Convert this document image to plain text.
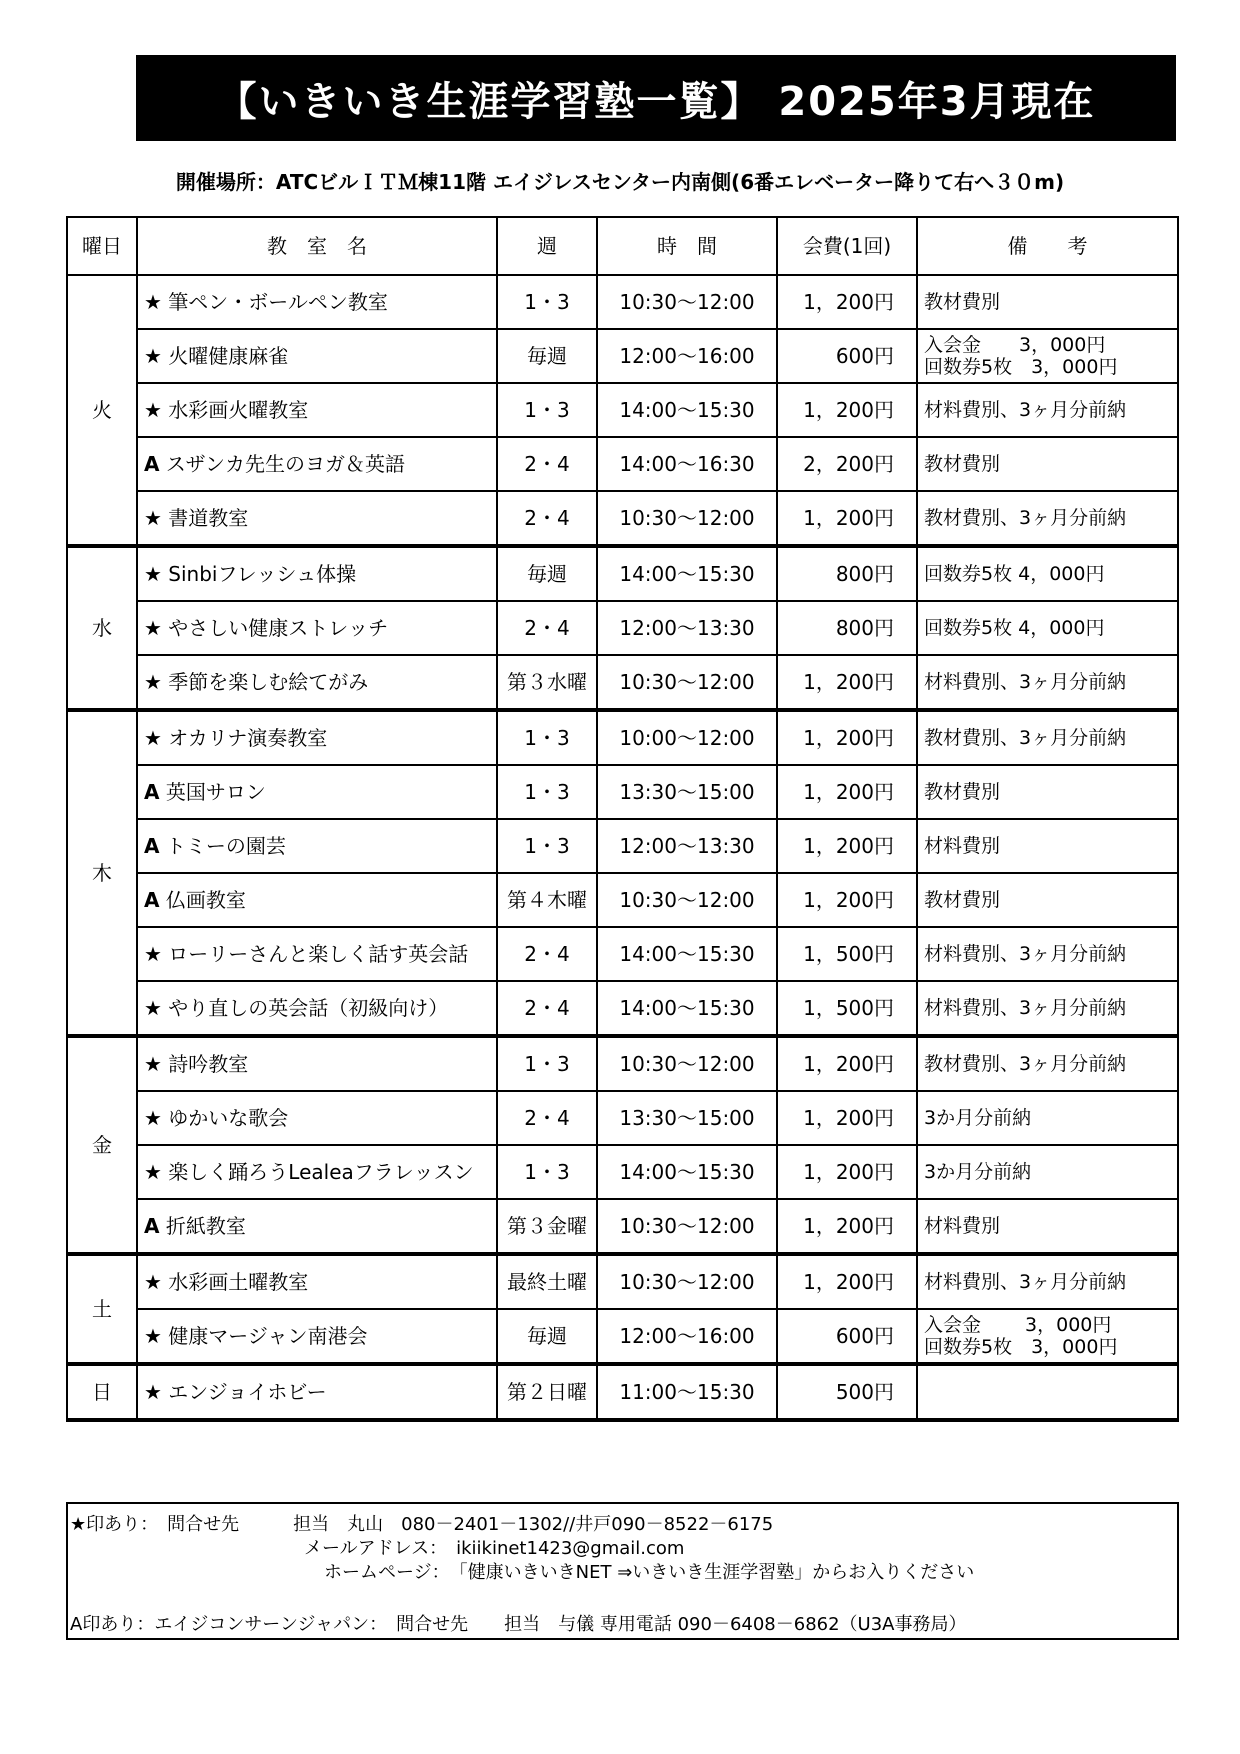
【いきいき生涯学習塾一覧】 2025年3月現在
開催場所：ATCビルＩＴＭ棟11階 エイジレスセンター内南側(6番エレベーター降りて右へ３０m)
曜日	教　室　名	週	時　間	会費(1回)	備　　考
火	★ 筆ペン・ボールペン教室	1・3	10:30～12:00	1，200円	教材費別

	★ 火曜健康麻雀	毎週	12:00～16:00	600円	入会金　　3，000円
回数券5枚　3，000円

	★ 水彩画火曜教室	1・3	14:00～15:30	1，200円	材料費別、3ヶ月分前納

	A スザンカ先生のヨガ＆英語	2・4	14:00～16:30	2，200円	教材費別

	★ 書道教室	2・4	10:30～12:00	1，200円	教材費別、3ヶ月分前納

水	★ Sinbiフレッシュ体操	毎週	14:00～15:30	800円	回数券5枚 4，000円

	★ やさしい健康ストレッチ	2・4	12:00～13:30	800円	回数券5枚 4，000円

	★ 季節を楽しむ絵てがみ	第３水曜	10:30～12:00	1，200円	材料費別、3ヶ月分前納

木	★ オカリナ演奏教室	1・3	10:00～12:00	1，200円	教材費別、3ヶ月分前納

	A 英国サロン	1・3	13:30～15:00	1，200円	教材費別

	A トミーの園芸	1・3	12:00～13:30	1，200円	材料費別

	A 仏画教室	第４木曜	10:30～12:00	1，200円	教材費別

	★ ローリーさんと楽しく話す英会話	2・4	14:00～15:30	1，500円	材料費別、3ヶ月分前納

	★ やり直しの英会話（初級向け）	2・4	14:00～15:30	1，500円	材料費別、3ヶ月分前納

金	★ 詩吟教室	1・3	10:30～12:00	1，200円	教材費別、3ヶ月分前納

	★ ゆかいな歌会	2・4	13:30～15:00	1，200円	3か月分前納

	★ 楽しく踊ろうLealeaフラレッスン	1・3	14:00～15:30	1，200円	3か月分前納

	A 折紙教室	第３金曜	10:30～12:00	1，200円	材料費別

土	★ 水彩画土曜教室	最終土曜	10:30～12:00	1，200円	材料費別、3ヶ月分前納

	★ 健康マージャン南港会	毎週	12:00～16:00	600円	入会金　　 3，000円
回数券5枚　3，000円

日	★ エンジョイホビー	第２日曜	11:00～15:30	500円	
★印あり：　問合せ先　　　担当　丸山　080－2401－1302//井戸090－8522－6175
メールアドレス：　ikiikinet1423@gmail.com
ホームページ：　「健康いきいきNET ⇒いきいき生涯学習塾」からお入りください
A印あり：エイジコンサーンジャパン：　問合せ先　　担当　与儀 専用電話 090－6408－6862（U3A事務局）
